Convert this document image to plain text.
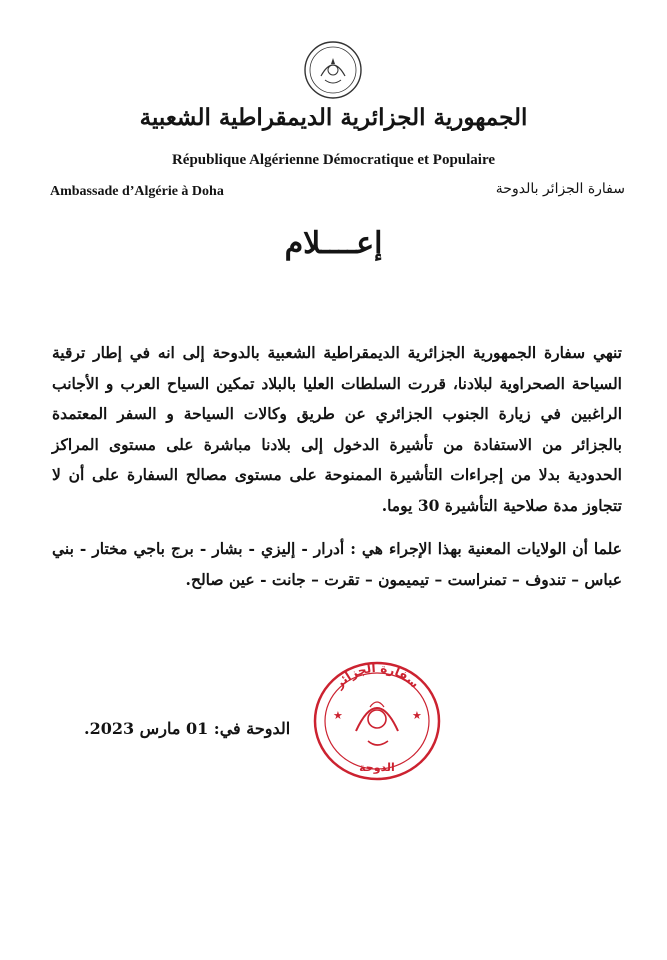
الجمهورية الجزائرية الديمقراطية الشعبية
République Algérienne Démocratique et Populaire
Ambassade d’Algérie à Doha	سفارة الجزائر بالدوحة
إعــــلام
تنهي سفارة الجمهورية الجزائرية الديمقراطية الشعبية بالدوحة إلى انه في إطار ترقية السياحة الصحراوية لبلادنا، قررت السلطات العليا بالبلاد تمكين السياح العرب و الأجانب الراغبين في زيارة الجنوب الجزائري عن طريق وكالات السياحة و السفر المعتمدة بالجزائر من الاستفادة من تأشيرة الدخول إلى بلادنا مباشرة على مستوى المراكز الحدودية بدلا من إجراءات التأشيرة الممنوحة على مستوى مصالح السفارة على أن لا تتجاوز مدة صلاحية التأشيرة 30 يوما.
علما أن الولايات المعنية بهذا الإجراء هي : أدرار - إليزي - بشار - برج باجي مختار - بني عباس – تندوف – تمنراست – تيميمون – تقرت – جانت - عين صالح.
سفارة الجزائر
★	★
الدوحة
الدوحة في: 01 مارس 2023.
